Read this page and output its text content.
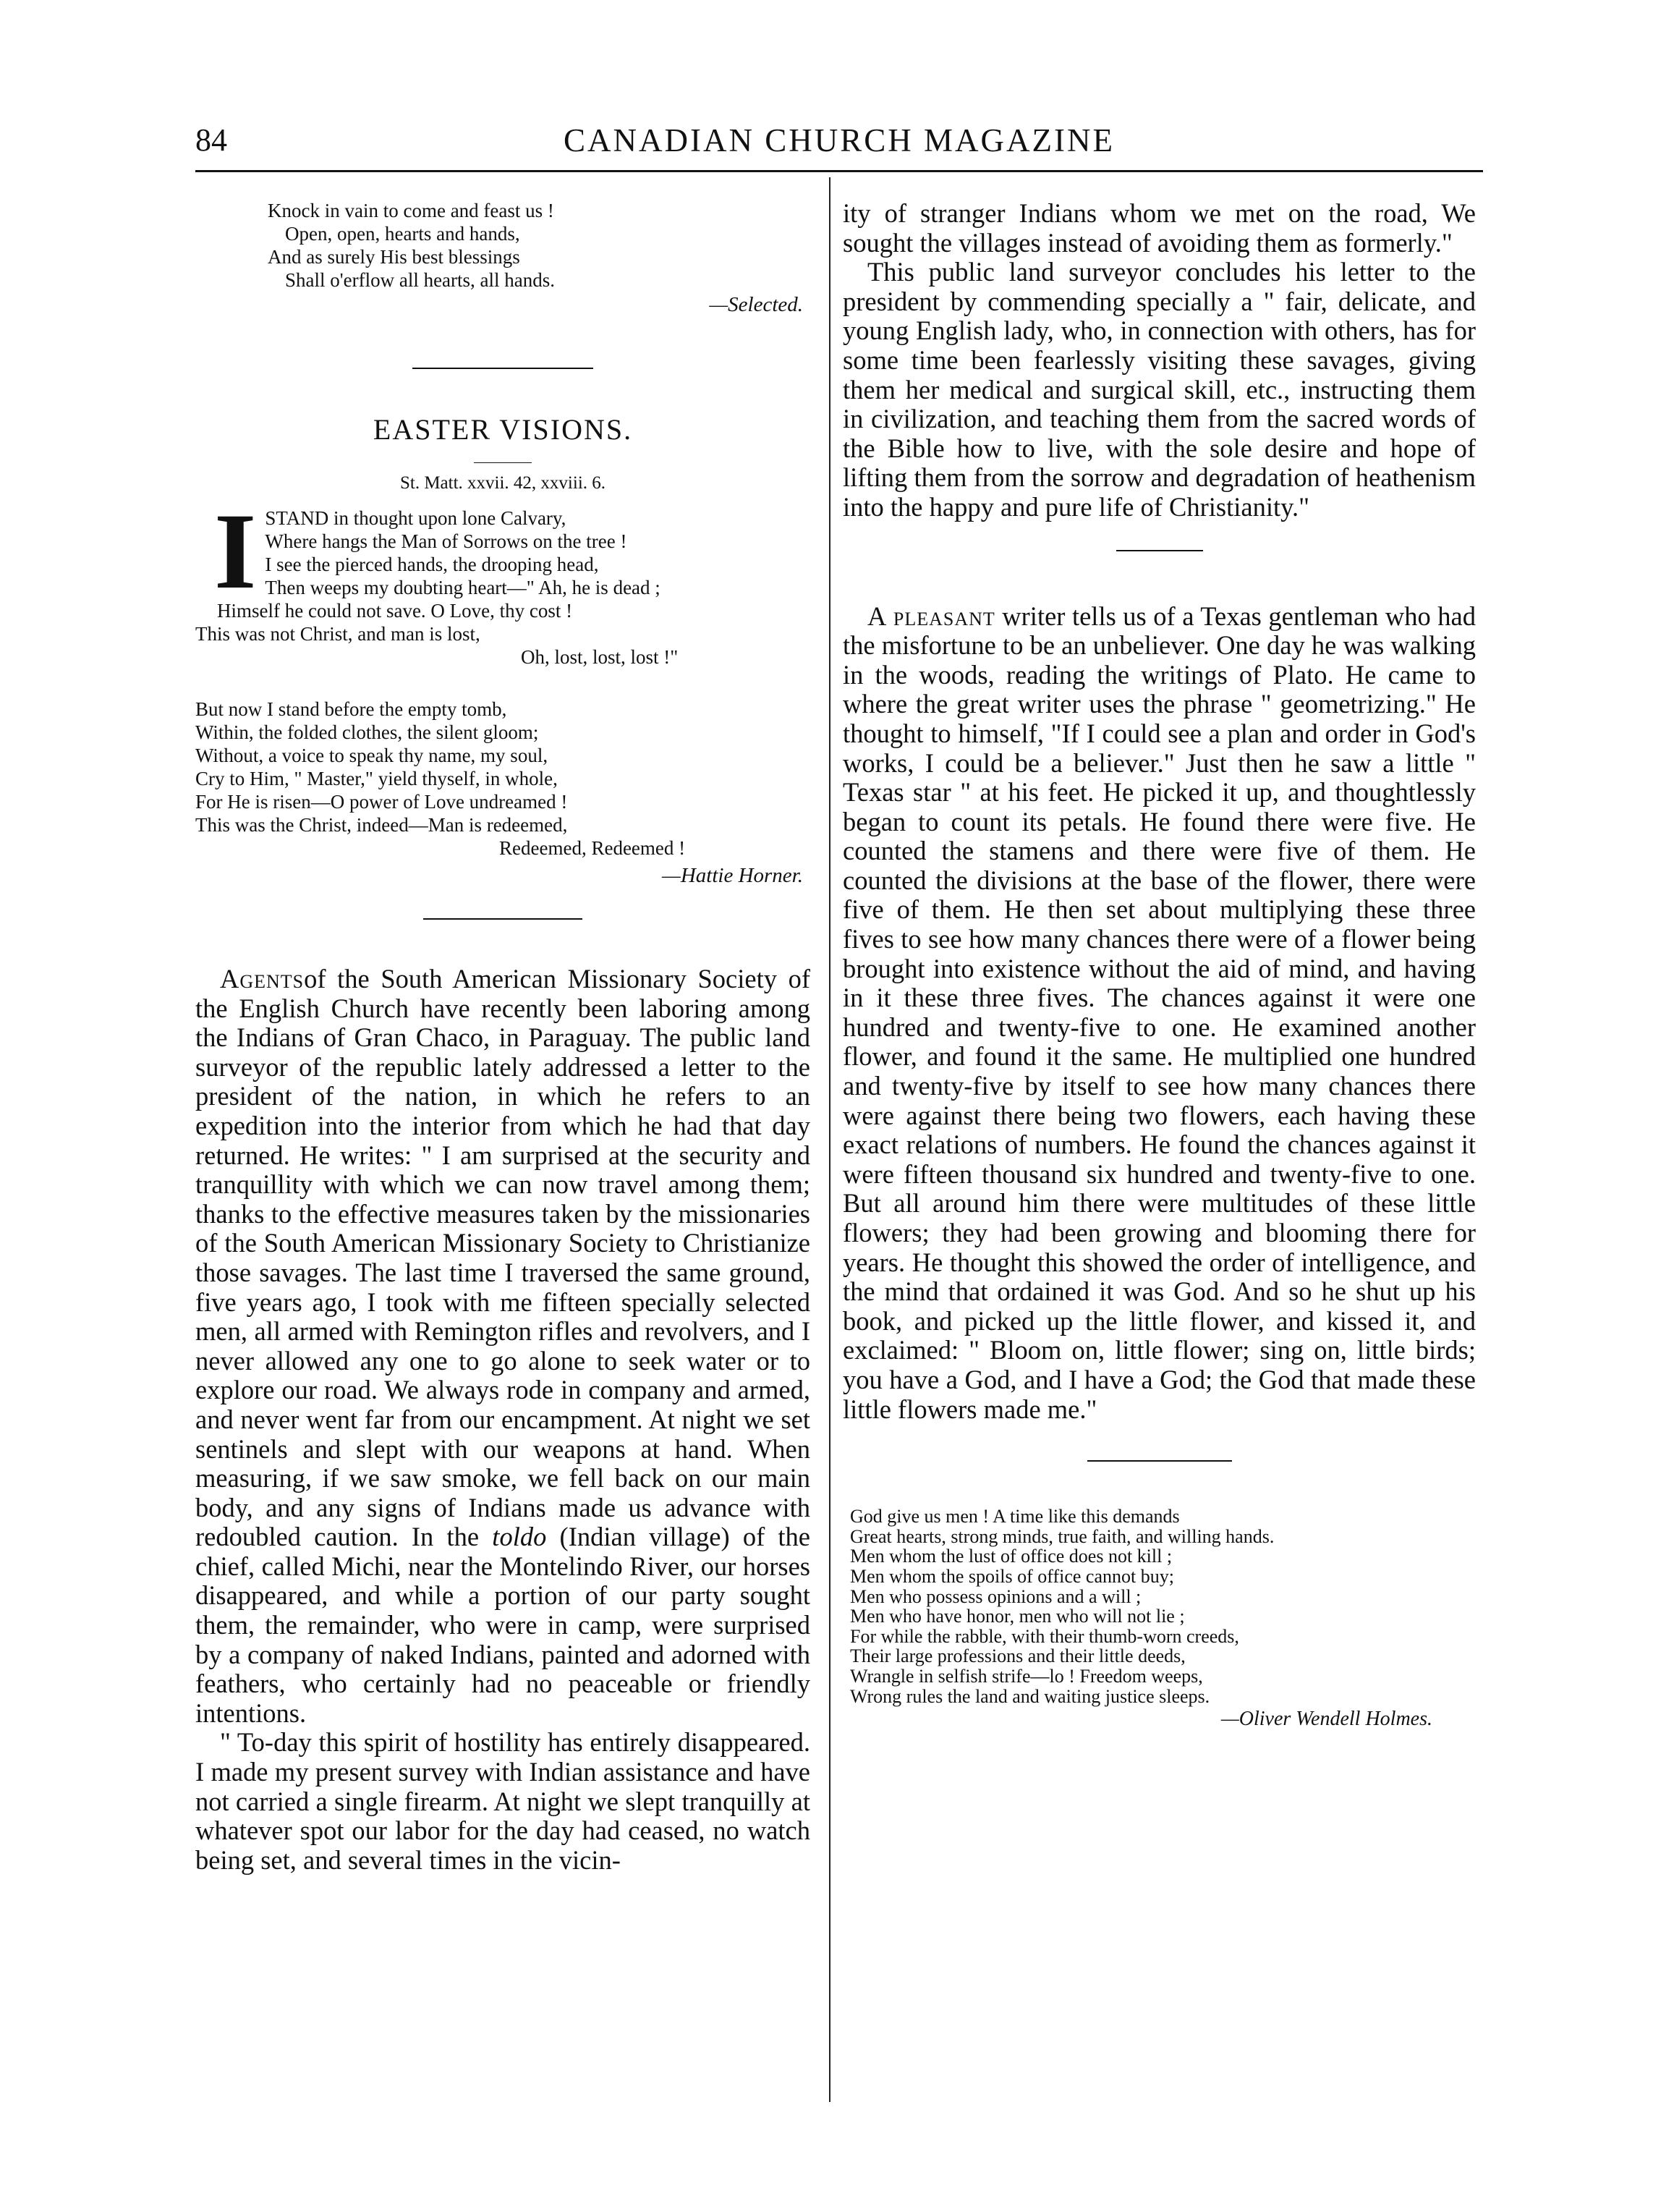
84	CANADIAN CHURCH MAGAZINE
Knock in vain to come and feast us !
Open, open, hearts and hands,
And as surely His best blessings
Shall o'erflow all hearts, all hands.
—Selected.
EASTER VISIONS.
St. Matt. xxvii. 42, xxviii. 6.
I STAND in thought upon lone Calvary,
Where hangs the Man of Sorrows on the tree !
I see the pierced hands, the drooping head,
Then weeps my doubting heart—" Ah, he is dead ;
Himself he could not save. O Love, thy cost !
This was not Christ, and man is lost,
Oh, lost, lost, lost !"
But now I stand before the empty tomb,
Within, the folded clothes, the silent gloom;
Without, a voice to speak thy name, my soul,
Cry to Him, " Master," yield thyself, in whole,
For He is risen—O power of Love undreamed !
This was the Christ, indeed—Man is redeemed,
Redeemed, Redeemed !
—Hattie Horner.

Agentsof the South American Missionary Society of the English Church have recently been laboring among the Indians of Gran Chaco, in Paraguay. The public land surveyor of the republic lately addressed a letter to the president of the nation, in which he refers to an expedition into the interior from which he had that day returned. He writes: " I am surprised at the security and tranquillity with which we can now travel among them; thanks to the effective measures taken by the missionaries of the South American Missionary Society to Christianize those savages. The last time I traversed the same ground, five years ago, I took with me fifteen specially selected men, all armed with Remington rifles and revolvers, and I never allowed any one to go alone to seek water or to explore our road. We always rode in company and armed, and never went far from our encampment. At night we set sentinels and slept with our weapons at hand. When measuring, if we saw smoke, we fell back on our main body, and any signs of Indians made us advance with redoubled caution. In the toldo (Indian village) of the chief, called Michi, near the Montelindo River, our horses disappeared, and while a portion of our party sought them, the remainder, who were in camp, were surprised by a company of naked Indians, painted and adorned with feathers, who certainly had no peaceable or friendly intentions.

" To-day this spirit of hostility has entirely disappeared. I made my present survey with Indian assistance and have not carried a single firearm. At night we slept tranquilly at whatever spot our labor for the day had ceased, no watch being set, and several times in the vicin-

ity of stranger Indians whom we met on the road, We sought the villages instead of avoiding them as formerly."

This public land surveyor concludes his letter to the president by commending specially a " fair, delicate, and young English lady, who, in connection with others, has for some time been fearlessly visiting these savages, giving them her medical and surgical skill, etc., instructing them in civilization, and teaching them from the sacred words of the Bible how to live, with the sole desire and hope of lifting them from the sorrow and degradation of heathenism into the happy and pure life of Christianity."

A pleasant writer tells us of a Texas gentleman who had the misfortune to be an unbeliever. One day he was walking in the woods, reading the writings of Plato. He came to where the great writer uses the phrase " geometrizing." He thought to himself, "If I could see a plan and order in God's works, I could be a believer." Just then he saw a little " Texas star " at his feet. He picked it up, and thoughtlessly began to count its petals. He found there were five. He counted the stamens and there were five of them. He counted the divisions at the base of the flower, there were five of them. He then set about multiplying these three fives to see how many chances there were of a flower being brought into existence without the aid of mind, and having in it these three fives. The chances against it were one hundred and twenty-five to one. He examined another flower, and found it the same. He multiplied one hundred and twenty-five by itself to see how many chances there were against there being two flowers, each having these exact relations of numbers. He found the chances against it were fifteen thousand six hundred and twenty-five to one. But all around him there were multitudes of these little flowers; they had been growing and blooming there for years. He thought this showed the order of intelligence, and the mind that ordained it was God. And so he shut up his book, and picked up the little flower, and kissed it, and exclaimed: " Bloom on, little flower; sing on, little birds; you have a God, and I have a God; the God that made these little flowers made me."

God give us men ! A time like this demands
Great hearts, strong minds, true faith, and willing hands.
Men whom the lust of office does not kill ;
Men whom the spoils of office cannot buy;
Men who possess opinions and a will ;
Men who have honor, men who will not lie ;
For while the rabble, with their thumb-worn creeds,
Their large professions and their little deeds,
Wrangle in selfish strife—lo ! Freedom weeps,
Wrong rules the land and waiting justice sleeps.
—Oliver Wendell Holmes.
